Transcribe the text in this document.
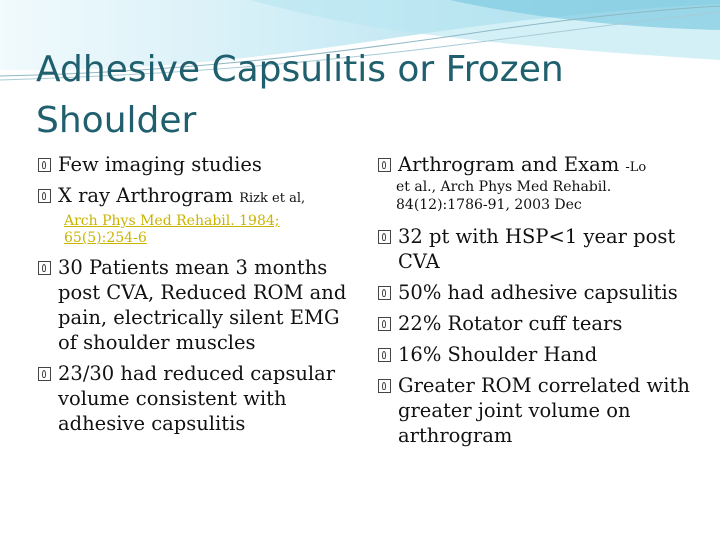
Adhesive Capsulitis or Frozen Shoulder
Few imaging studies
X ray Arthrogram Rizk et al,
Arch Phys Med Rehabil. 1984; 65(5):254-6
30 Patients mean 3 months post CVA, Reduced ROM and pain, electrically silent EMG of shoulder muscles
23/30 had reduced capsular volume consistent with adhesive capsulitis
Arthrogram and Exam -Lo
et al., Arch Phys Med Rehabil. 84(12):1786-91, 2003 Dec
32 pt with HSP<1 year post CVA
50% had adhesive capsulitis
22% Rotator cuff tears
16% Shoulder Hand
Greater ROM correlated with greater joint volume on arthrogram
